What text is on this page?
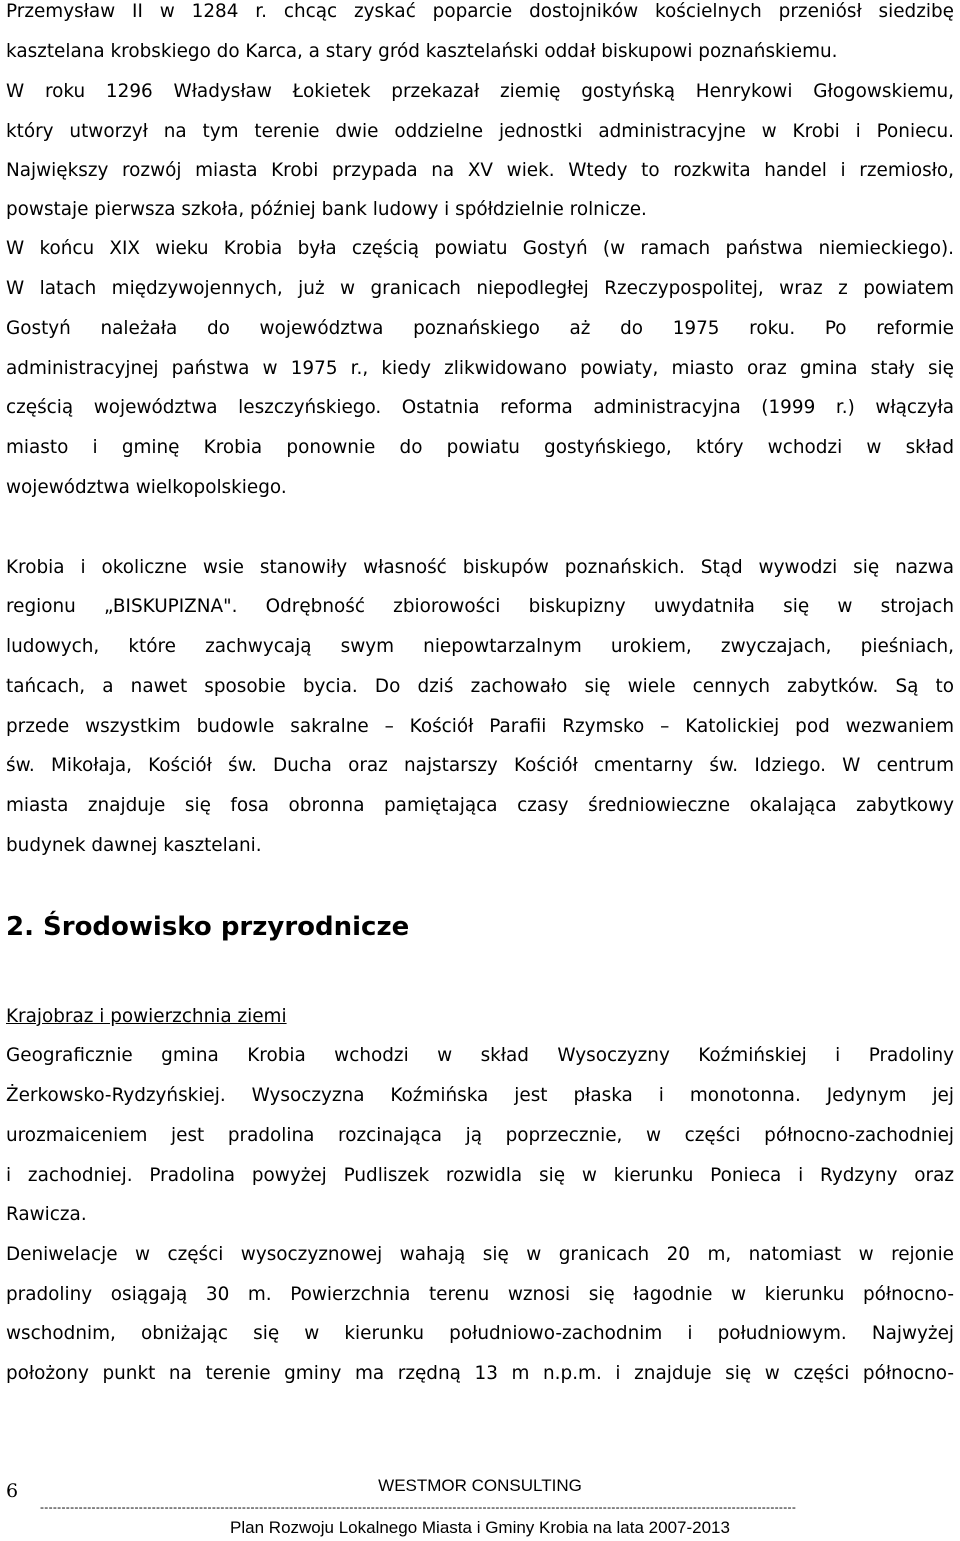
Przemysław II w 1284 r. chcąc zyskać poparcie dostojników kościelnych przeniósł siedzibę
kasztelana krobskiego do Karca, a stary gród kasztelański oddał biskupowi poznańskiemu.
W roku 1296 Władysław Łokietek przekazał ziemię gostyńską Henrykowi Głogowskiemu,
który utworzył na tym terenie dwie oddzielne jednostki administracyjne w Krobi i Poniecu.
Największy rozwój miasta Krobi przypada na XV wiek. Wtedy to rozkwita handel i rzemiosło,
powstaje pierwsza szkoła, później bank ludowy i spółdzielnie rolnicze.
W końcu XIX wieku Krobia była częścią powiatu Gostyń (w ramach państwa niemieckiego).
W latach międzywojennych, już w granicach niepodległej Rzeczypospolitej, wraz z powiatem
Gostyń należała do województwa poznańskiego aż do 1975 roku. Po reformie
administracyjnej państwa w 1975 r., kiedy zlikwidowano powiaty, miasto oraz gmina stały się
częścią województwa leszczyńskiego. Ostatnia reforma administracyjna (1999 r.) włączyła
miasto i gminę Krobia ponownie do powiatu gostyńskiego, który wchodzi w skład
województwa wielkopolskiego.
Krobia i okoliczne wsie stanowiły własność biskupów poznańskich. Stąd wywodzi się nazwa
regionu „BISKUPIZNA". Odrębność zbiorowości biskupizny uwydatniła się w strojach
ludowych, które zachwycają swym niepowtarzalnym urokiem, zwyczajach, pieśniach,
tańcach, a nawet sposobie bycia. Do dziś zachowało się wiele cennych zabytków. Są to
przede wszystkim budowle sakralne – Kościół Parafii Rzymsko – Katolickiej pod wezwaniem
św. Mikołaja, Kościół św. Ducha oraz najstarszy Kościół cmentarny św. Idziego. W centrum
miasta znajduje się fosa obronna pamiętająca czasy średniowieczne okalająca zabytkowy
budynek dawnej kasztelani.
Krajobraz i powierzchnia ziemi
Geograficznie gmina Krobia wchodzi w skład Wysoczyzny Koźmińskiej i Pradoliny
Żerkowsko-Rydzyńskiej. Wysoczyzna Koźmińska jest płaska i monotonna. Jedynym jej
urozmaiceniem jest pradolina rozcinająca ją poprzecznie, w części północno-zachodniej
i zachodniej. Pradolina powyżej Pudliszek rozwidla się w kierunku Ponieca i Rydzyny oraz
Rawicza.
Deniwelacje w części wysoczyznowej wahają się w granicach 20 m, natomiast w rejonie
pradoliny osiągają 30 m. Powierzchnia terenu wznosi się łagodnie w kierunku północno-
wschodnim, obniżając się w kierunku południowo-zachodnim i południowym. Najwyżej
położony punkt na terenie gminy ma rzędną 13 m n.p.m. i znajduje się w części północno-
2. Środowisko przyrodnicze
6	WESTMOR CONSULTING
--------------------------------------------------------------------------------------------------------------------------------------------------------------------------------
Plan Rozwoju Lokalnego Miasta i Gminy Krobia na lata 2007-2013
